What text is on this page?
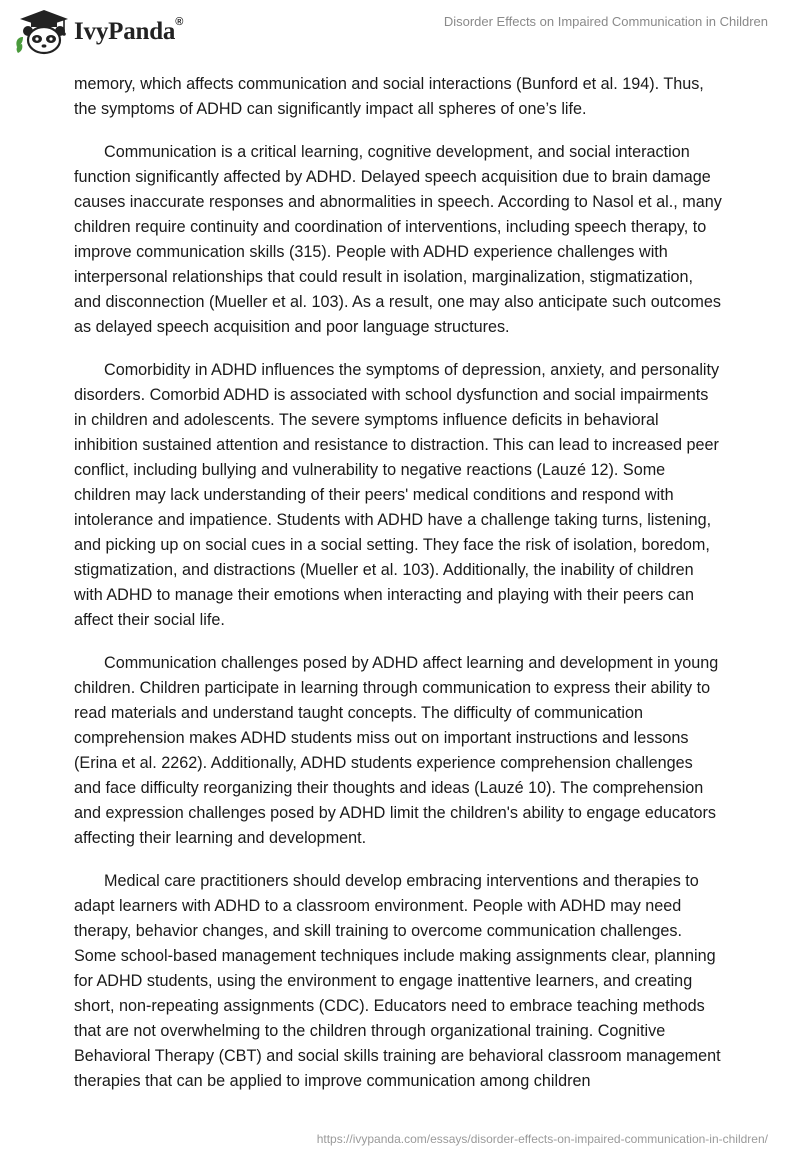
IvyPanda®	Disorder Effects on Impaired Communication in Children

memory, which affects communication and social interactions (Bunford et al. 194). Thus, the symptoms of ADHD can significantly impact all spheres of one’s life.

Communication is a critical learning, cognitive development, and social interaction function significantly affected by ADHD. Delayed speech acquisition due to brain damage causes inaccurate responses and abnormalities in speech. According to Nasol et al., many children require continuity and coordination of interventions, including speech therapy, to improve communication skills (315). People with ADHD experience challenges with interpersonal relationships that could result in isolation, marginalization, stigmatization, and disconnection (Mueller et al. 103). As a result, one may also anticipate such outcomes as delayed speech acquisition and poor language structures.

Comorbidity in ADHD influences the symptoms of depression, anxiety, and personality disorders. Comorbid ADHD is associated with school dysfunction and social impairments in children and adolescents. The severe symptoms influence deficits in behavioral inhibition sustained attention and resistance to distraction. This can lead to increased peer conflict, including bullying and vulnerability to negative reactions (Lauzé 12). Some children may lack understanding of their peers' medical conditions and respond with intolerance and impatience. Students with ADHD have a challenge taking turns, listening, and picking up on social cues in a social setting. They face the risk of isolation, boredom, stigmatization, and distractions (Mueller et al. 103). Additionally, the inability of children with ADHD to manage their emotions when interacting and playing with their peers can affect their social life.

Communication challenges posed by ADHD affect learning and development in young children. Children participate in learning through communication to express their ability to read materials and understand taught concepts. The difficulty of communication comprehension makes ADHD students miss out on important instructions and lessons (Erina et al. 2262). Additionally, ADHD students experience comprehension challenges and face difficulty reorganizing their thoughts and ideas (Lauzé 10). The comprehension and expression challenges posed by ADHD limit the children's ability to engage educators affecting their learning and development.

Medical care practitioners should develop embracing interventions and therapies to adapt learners with ADHD to a classroom environment. People with ADHD may need therapy, behavior changes, and skill training to overcome communication challenges. Some school-based management techniques include making assignments clear, planning for ADHD students, using the environment to engage inattentive learners, and creating short, non-repeating assignments (CDC). Educators need to embrace teaching methods that are not overwhelming to the children through organizational training. Cognitive Behavioral Therapy (CBT) and social skills training are behavioral classroom management therapies that can be applied to improve communication among children

https://ivypanda.com/essays/disorder-effects-on-impaired-communication-in-children/
